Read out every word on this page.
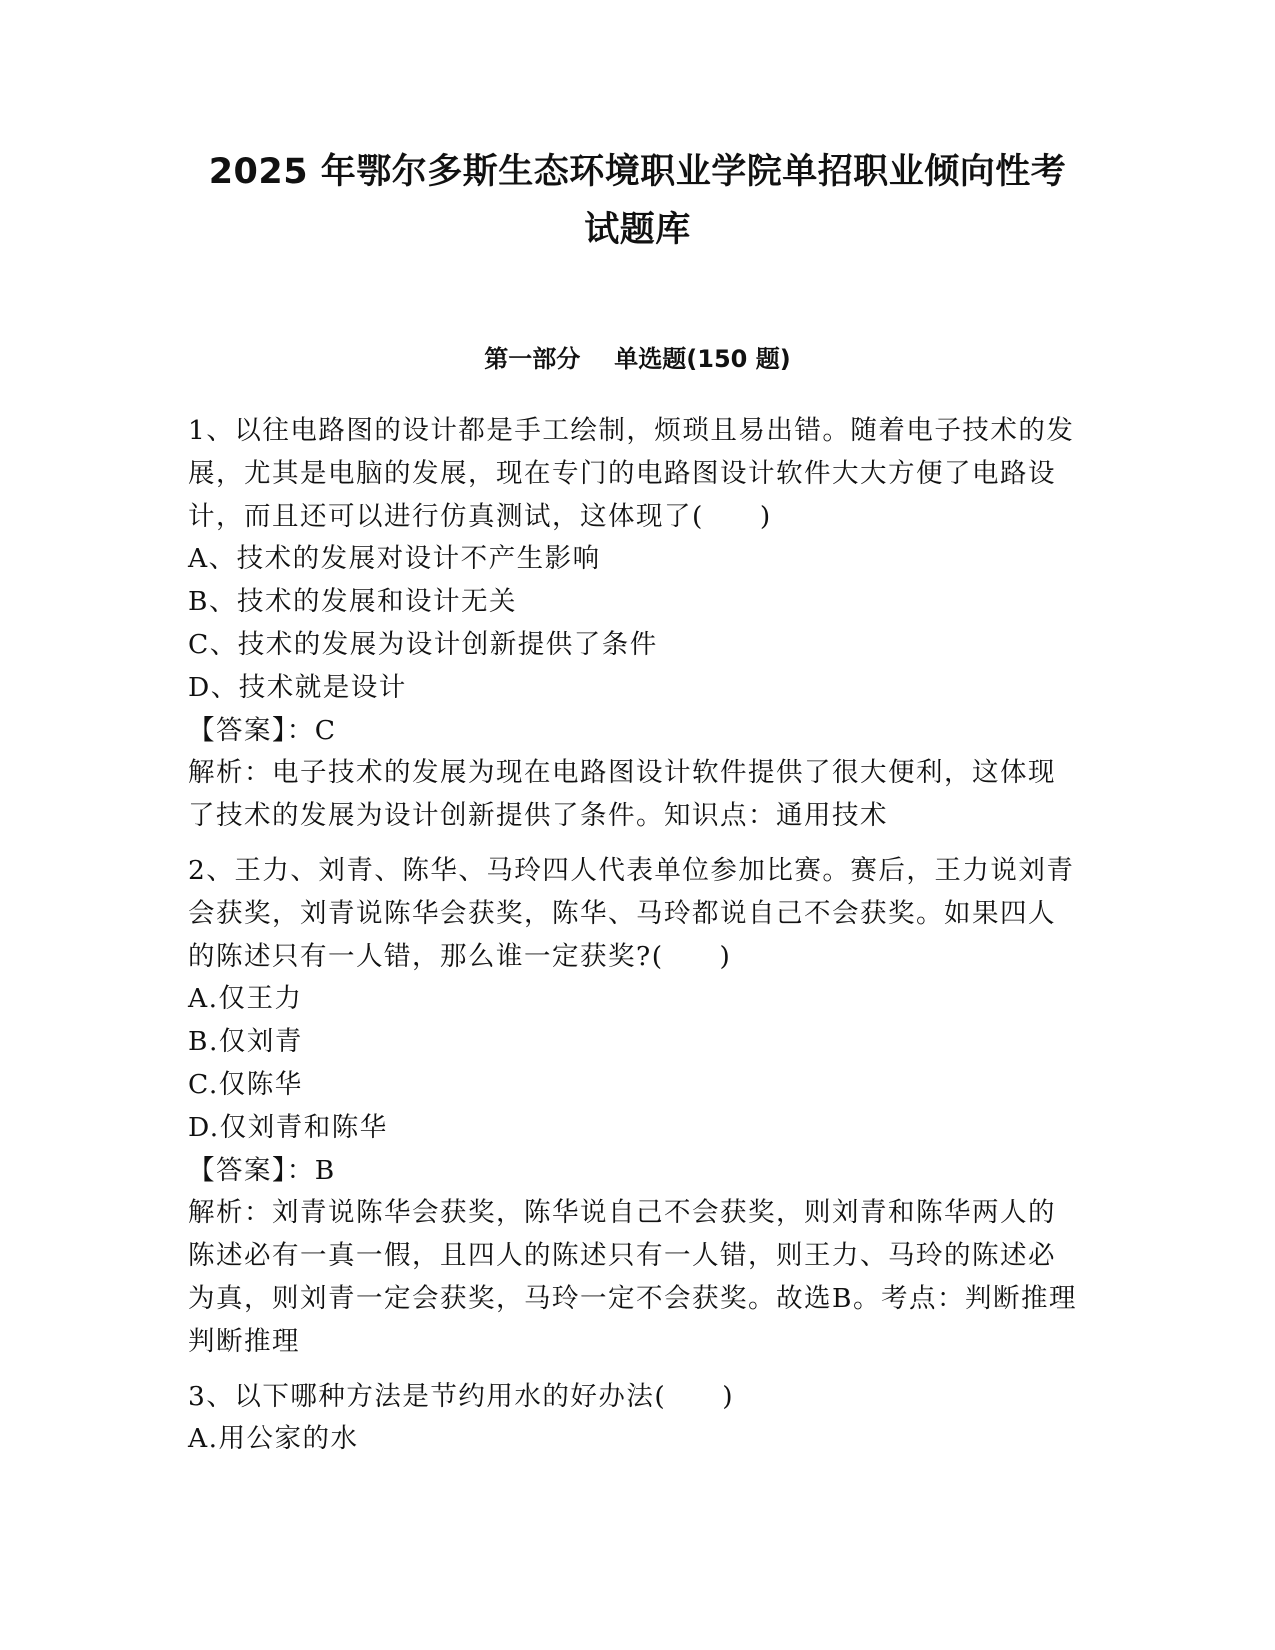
2025 年鄂尔多斯生态环境职业学院单招职业倾向性考
试题库
第一部分 单选题(150 题)

1、以往电路图的设计都是手工绘制，烦琐且易出错。随着电子技术的发展，尤其是电脑的发展，现在专门的电路图设计软件大大方便了电路设计，而且还可以进行仿真测试，这体现了(　　)

A、技术的发展对设计不产生影响

B、技术的发展和设计无关

C、技术的发展为设计创新提供了条件

D、技术就是设计

【答案】：C

解析：电子技术的发展为现在电路图设计软件提供了很大便利，这体现了技术的发展为设计创新提供了条件。知识点：通用技术

2、王力、刘青、陈华、马玲四人代表单位参加比赛。赛后，王力说刘青会获奖，刘青说陈华会获奖，陈华、马玲都说自己不会获奖。如果四人的陈述只有一人错，那么谁一定获奖?(　　)

A.仅王力

B.仅刘青

C.仅陈华

D.仅刘青和陈华

【答案】：B

解析：刘青说陈华会获奖，陈华说自己不会获奖，则刘青和陈华两人的陈述必有一真一假，且四人的陈述只有一人错，则王力、马玲的陈述必为真，则刘青一定会获奖，马玲一定不会获奖。故选B。考点：判断推理判断推理

3、以下哪种方法是节约用水的好办法(　　)

A.用公家的水
